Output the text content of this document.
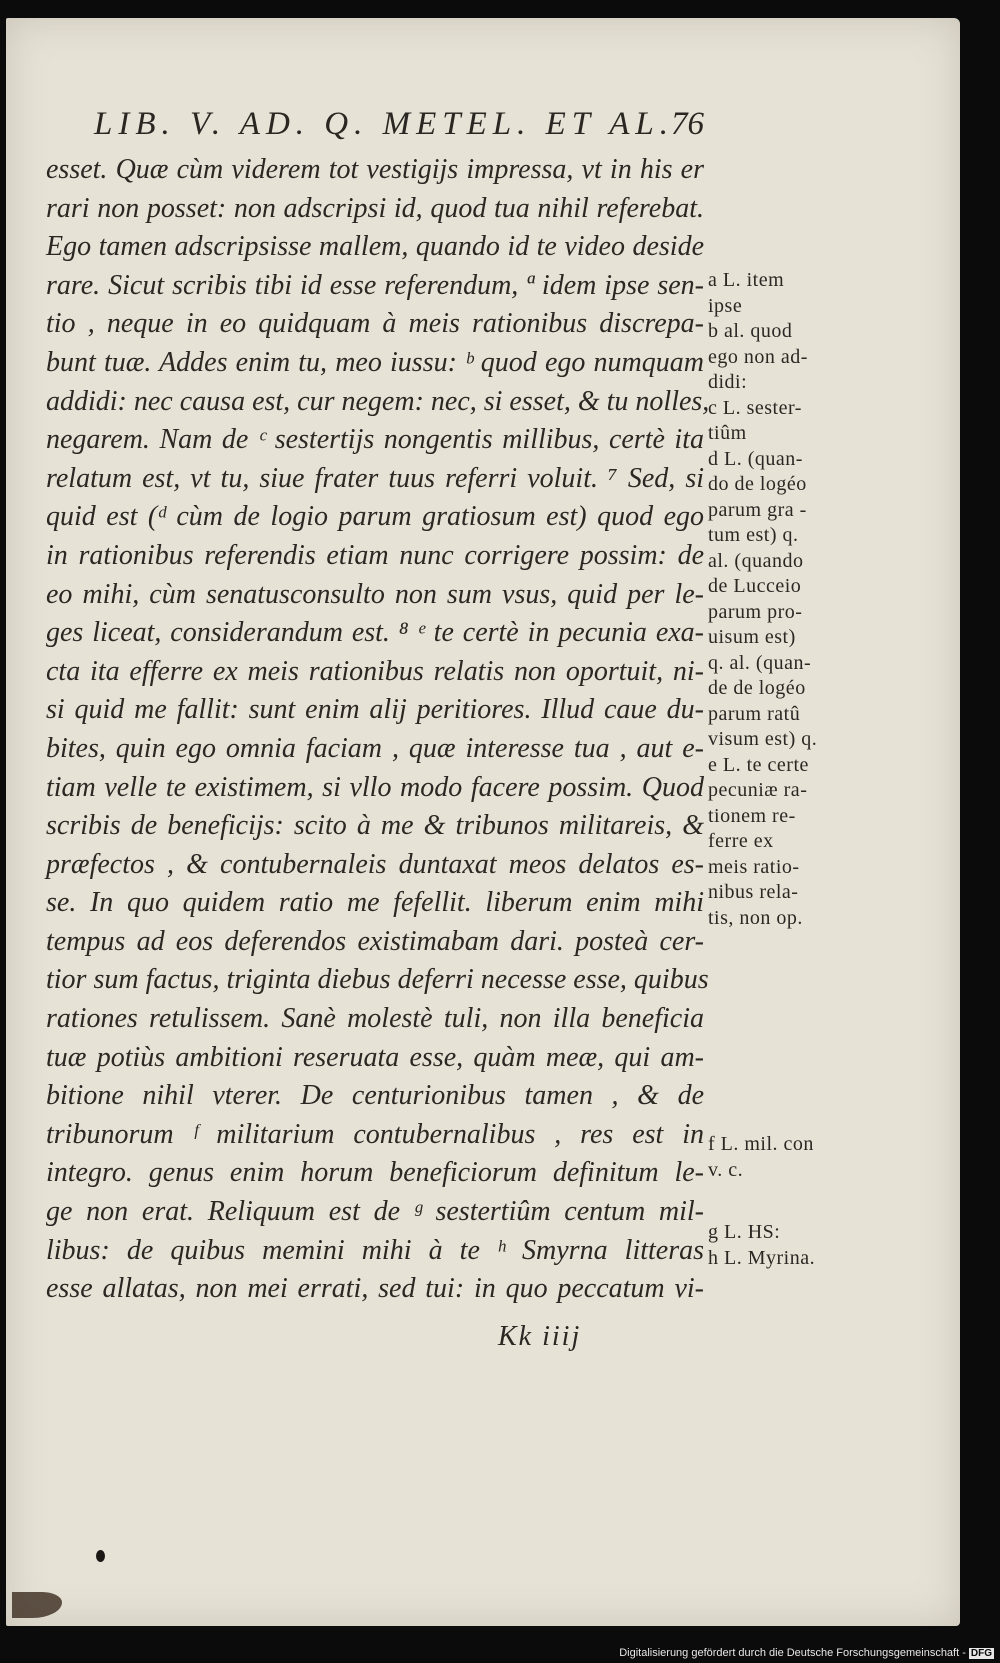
LIB. V. AD. Q. METEL. ET AL.
76
esset. Quæ cùm viderem tot vestigijs impressa, vt in his er
rari non posset: non adscripsi id, quod tua nihil referebat.
Ego tamen adscripsisse mallem, quando id te video deside
rare. Sicut scribis tibi id esse referendum, ª idem ipse sen-
tio , neque in eo quidquam à meis rationibus discrepa-
bunt tuæ. Addes enim tu, meo iussu: ᵇ quod ego numquam
addidi: nec causa est, cur negem: nec, si esset, & tu nolles,
negarem. Nam de ᶜ sestertijs nongentis millibus, certè ita
relatum est, vt tu, siue frater tuus referri voluit. ⁷ Sed, si
quid est (ᵈ cùm de logio parum gratiosum est) quod ego
in rationibus referendis etiam nunc corrigere possim: de
eo mihi, cùm senatusconsulto non sum vsus, quid per le-
ges liceat, considerandum est. ⁸ ᵉ te certè in pecunia exa-
cta ita efferre ex meis rationibus relatis non oportuit, ni-
si quid me fallit: sunt enim alij peritiores. Illud caue du-
bites, quin ego omnia faciam , quæ interesse tua , aut e-
tiam velle te existimem, si vllo modo facere possim. Quod
scribis de beneficijs: scito à me & tribunos militareis, &
præfectos , & contubernaleis duntaxat meos delatos es-
se. In quo quidem ratio me fefellit. liberum enim mihi
tempus ad eos deferendos existimabam dari. posteà cer-
tior sum factus, triginta diebus deferri necesse esse, quibus
rationes retulissem. Sanè molestè tuli, non illa beneficia
tuæ potiùs ambitioni reseruata esse, quàm meæ, qui am-
bitione nihil vterer. De centurionibus tamen , & de
tribunorum ᶠ militarium contubernalibus , res est in
integro. genus enim horum beneficiorum definitum le-
ge non erat. Reliquum est de ᵍ sestertiûm centum mil-
libus: de quibus memini mihi à te ʰ Smyrna litteras
esse allatas, non mei errati, sed tui: in quo peccatum vi-
a L. item
ipse
b al. quod
ego non ad-
didi:
c L. sester-
tiûm
d L. (quan-
do de logéo
parum gra -
tum est) q.
al. (quando
de Lucceio
parum pro-
uisum est)
q. al. (quan-
de de logéo
parum ratû
visum est) q.
e L. te certe
pecuniæ ra-
tionem re-
ferre ex
meis ratio-
nibus rela-
tis, non op.
f L. mil. con
v. c.
g L. HS:
h L. Myrina.
Kk iiij
Digitalisierung gefördert durch die Deutsche Forschungsgemeinschaft - DFG
